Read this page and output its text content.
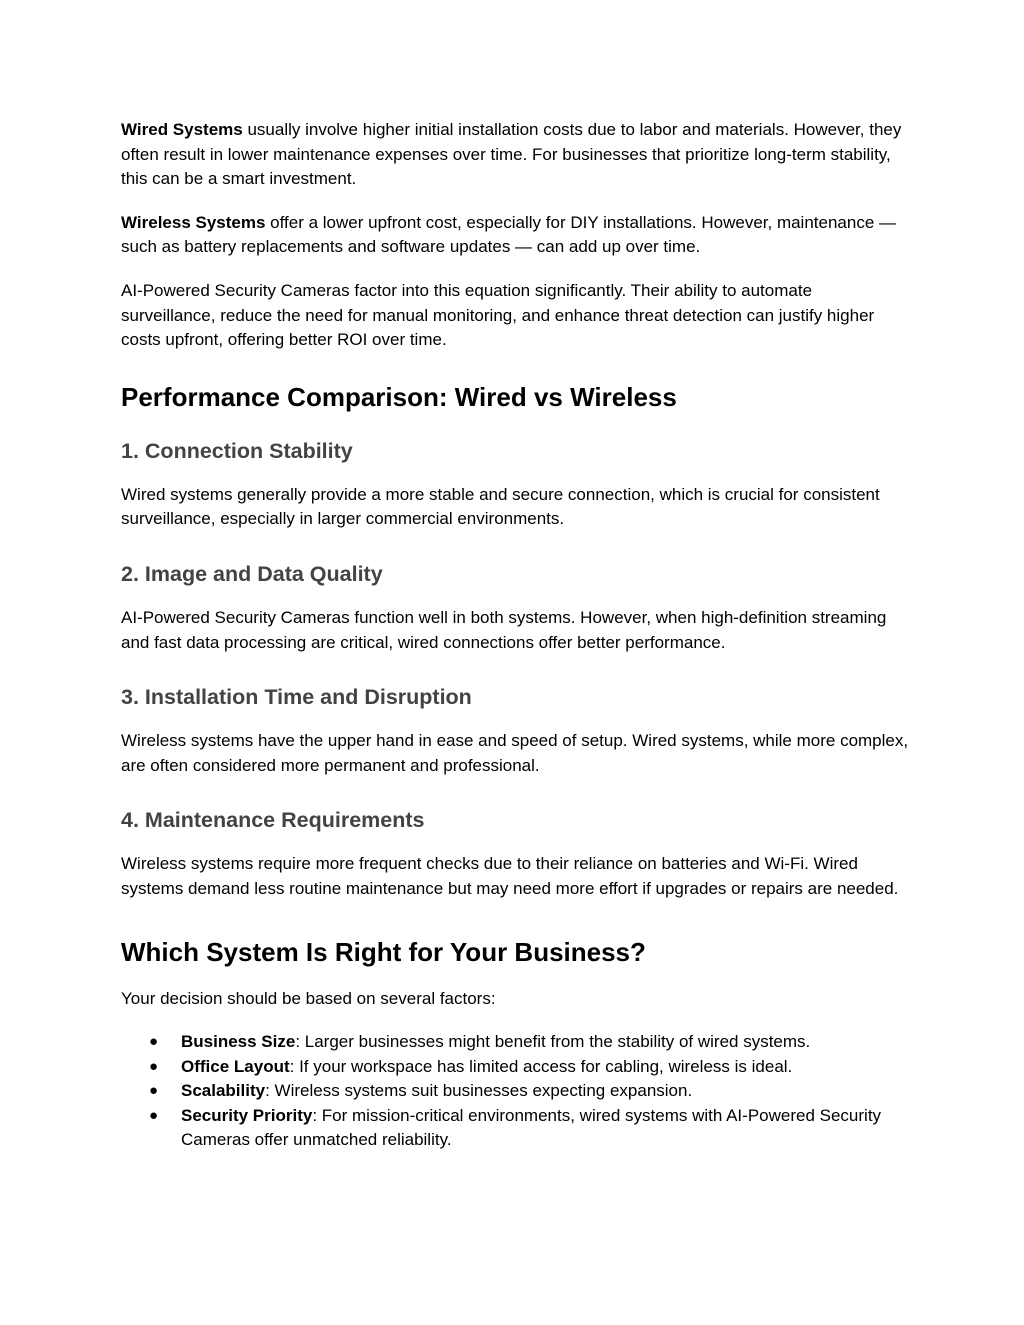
Wired Systems usually involve higher initial installation costs due to labor and materials. However, they often result in lower maintenance expenses over time. For businesses that prioritize long-term stability, this can be a smart investment.

Wireless Systems offer a lower upfront cost, especially for DIY installations. However, maintenance — such as battery replacements and software updates — can add up over time.

AI-Powered Security Cameras factor into this equation significantly. Their ability to automate surveillance, reduce the need for manual monitoring, and enhance threat detection can justify higher costs upfront, offering better ROI over time.

Performance Comparison: Wired vs Wireless
1. Connection Stability

Wired systems generally provide a more stable and secure connection, which is crucial for consistent surveillance, especially in larger commercial environments.

2. Image and Data Quality

AI-Powered Security Cameras function well in both systems. However, when high-definition streaming and fast data processing are critical, wired connections offer better performance.

3. Installation Time and Disruption

Wireless systems have the upper hand in ease and speed of setup. Wired systems, while more complex, are often considered more permanent and professional.

4. Maintenance Requirements

Wireless systems require more frequent checks due to their reliance on batteries and Wi-Fi. Wired systems demand less routine maintenance but may need more effort if upgrades or repairs are needed.

Which System Is Right for Your Business?

Your decision should be based on several factors:

● Business Size: Larger businesses might benefit from the stability of wired systems.
● Office Layout: If your workspace has limited access for cabling, wireless is ideal.
● Scalability: Wireless systems suit businesses expecting expansion.
● Security Priority: For mission-critical environments, wired systems with AI-Powered Security Cameras offer unmatched reliability.
